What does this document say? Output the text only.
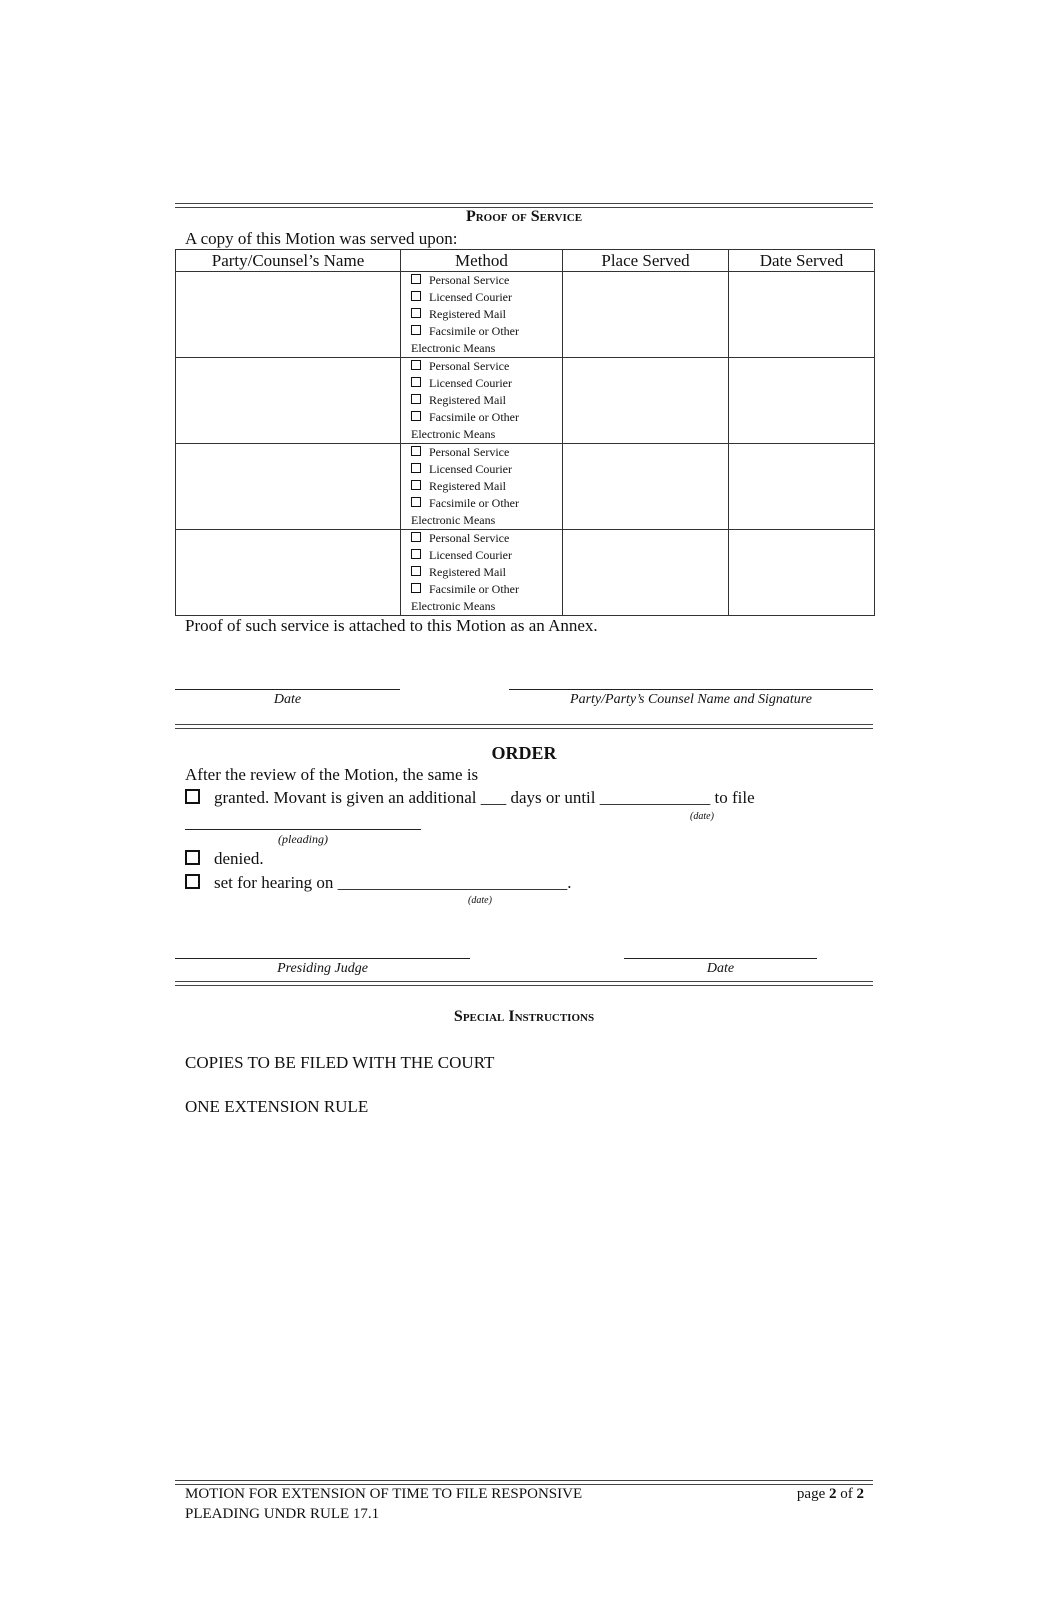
Proof of Service
A copy of this Motion was served upon:
Party/Counsel’s Name	Method	Place Served	Date Served

	Personal Service
Licensed Courier
Registered Mail
Facsimile or Other
Electronic Means		

	Personal Service
Licensed Courier
Registered Mail
Facsimile or Other
Electronic Means		

	Personal Service
Licensed Courier
Registered Mail
Facsimile or Other
Electronic Means		

	Personal Service
Licensed Courier
Registered Mail
Facsimile or Other
Electronic Means		

Proof of such service is attached to this Motion as an Annex.
Date	Party/Party’s Counsel Name and Signature
ORDER
After the review of the Motion, the same is
granted. Movant is given an additional ___ days or until _____________ to file
(date)
(pleading)
denied.
set for hearing on ___________________________.
(date)
Presiding Judge	Date
Special Instructions
COPIES TO BE FILED WITH THE COURT
ONE EXTENSION RULE
MOTION FOR EXTENSION OF TIME TO FILE RESPONSIVE
PLEADING UNDR RULE 17.1
page 2 of 2
